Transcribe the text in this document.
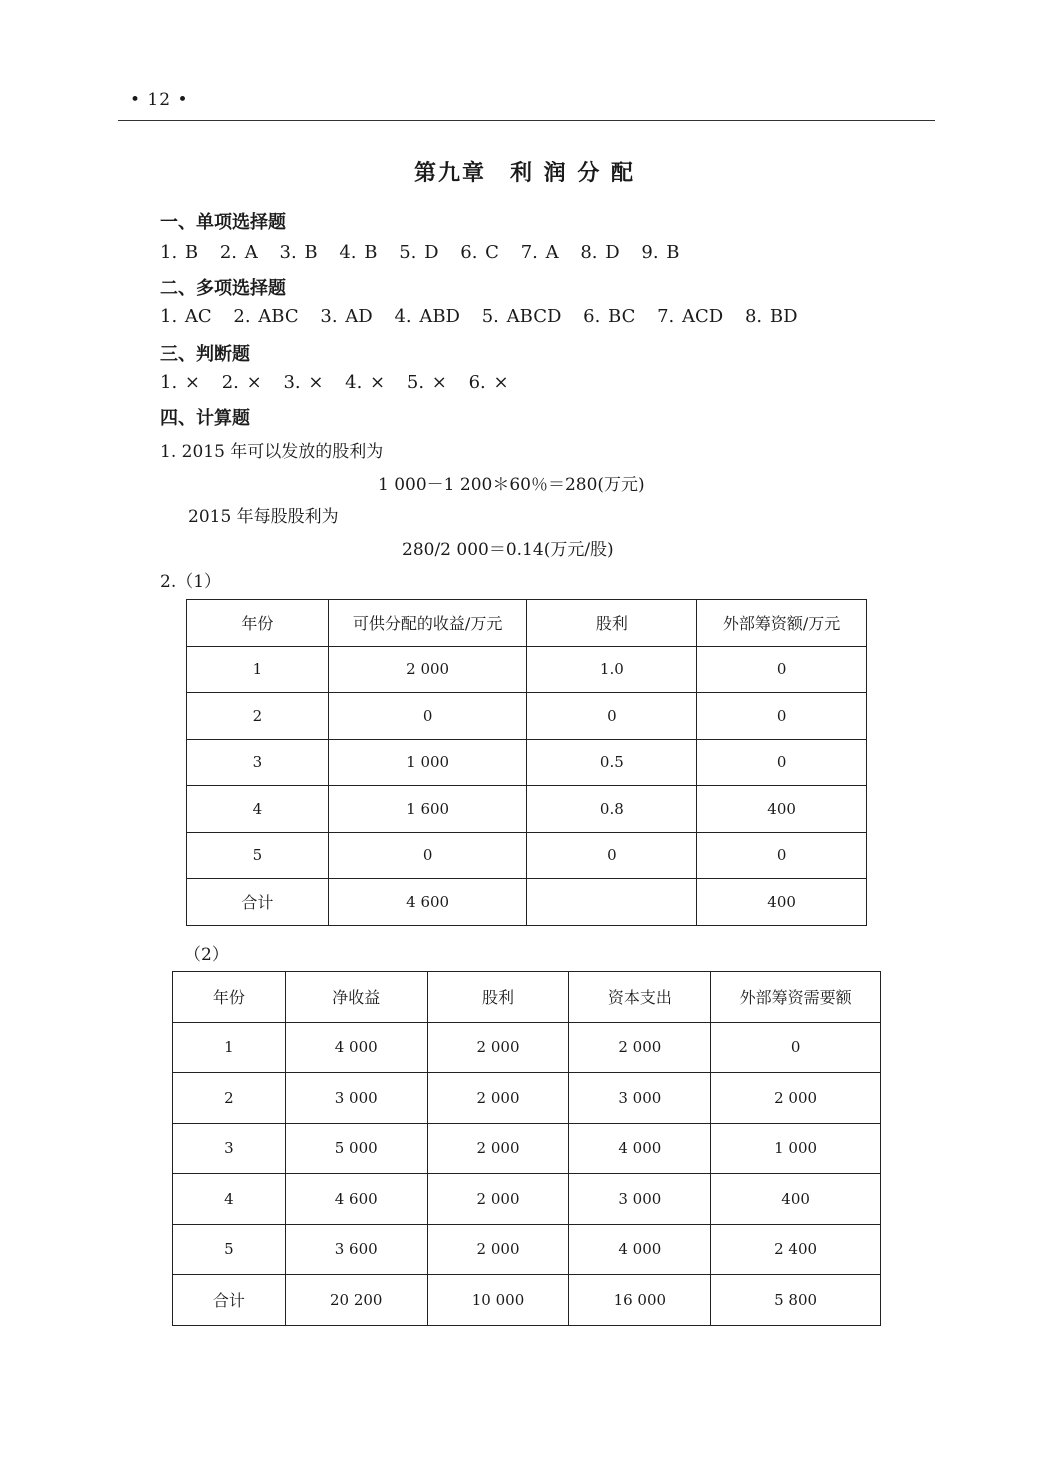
• 12 •
第九章　利 润 分 配
一、单项选择题
1. B 2. A 3. B 4. B 5. D 6. C 7. A 8. D 9. B
二、多项选择题
1. AC 2. ABC 3. AD 4. ABD 5. ABCD 6. BC 7. ACD 8. BD
三、判断题
1. × 2. × 3. × 4. × 5. × 6. ×
四、计算题
1. 2015 年可以发放的股利为
1 000－1 200＊60％＝280(万元)
2015 年每股股利为
280/2 000＝0.14(万元/股)
2.（1）
年份	可供分配的收益/万元	股利	外部筹资额/万元
1	2 000	1.0	0
2	0	0	0
3	1 000	0.5	0
4	1 600	0.8	400
5	0	0	0
合计	4 600		400
（2）
年份	净收益	股利	资本支出	外部筹资需要额
1	4 000	2 000	2 000	0
2	3 000	2 000	3 000	2 000
3	5 000	2 000	4 000	1 000
4	4 600	2 000	3 000	400
5	3 600	2 000	4 000	2 400
合计	20 200	10 000	16 000	5 800
